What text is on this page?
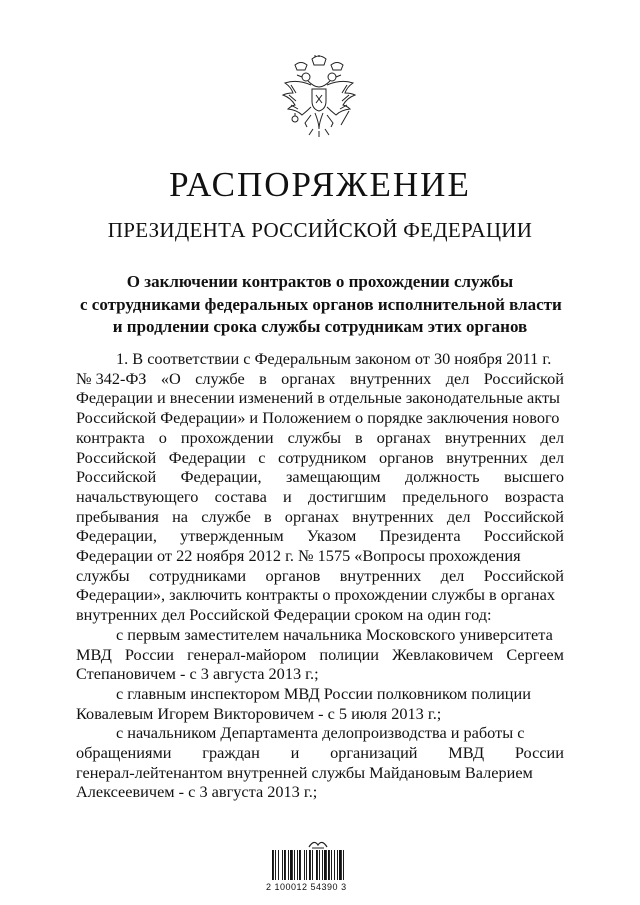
РАСПОРЯЖЕНИЕ
ПРЕЗИДЕНТА РОССИЙСКОЙ ФЕДЕРАЦИИ
О заключении контрактов о прохождении службы
с сотрудниками федеральных органов исполнительной власти
и продлении срока службы сотрудникам этих органов
1. В соответствии с Федеральным законом от 30 ноября 2011 г.
№ 342-ФЗ «О службе в органах внутренних дел Российской
Федерации и внесении изменений в отдельные законодательные акты
Российской Федерации» и Положением о порядке заключения нового
контракта о прохождении службы в органах внутренних дел
Российской Федерации с сотрудником органов внутренних дел
Российской Федерации, замещающим должность высшего
начальствующего состава и достигшим предельного возраста
пребывания на службе в органах внутренних дел Российской
Федерации, утвержденным Указом Президента Российской
Федерации от 22 ноября 2012 г. № 1575 «Вопросы прохождения
службы сотрудниками органов внутренних дел Российской
Федерации», заключить контракты о прохождении службы в органах
внутренних дел Российской Федерации сроком на один год:
с первым заместителем начальника Московского университета
МВД России генерал-майором полиции Жевлаковичем Сергеем
Степановичем - с 3 августа 2013 г.;
с главным инспектором МВД России полковником полиции
Ковалевым Игорем Викторовичем - с 5 июля 2013 г.;
с начальником Департамента делопроизводства и работы с
обращениями граждан и организаций МВД России
генерал-лейтенантом внутренней службы Майдановым Валерием
Алексеевичем - с 3 августа 2013 г.;
2 100012 54390 3
